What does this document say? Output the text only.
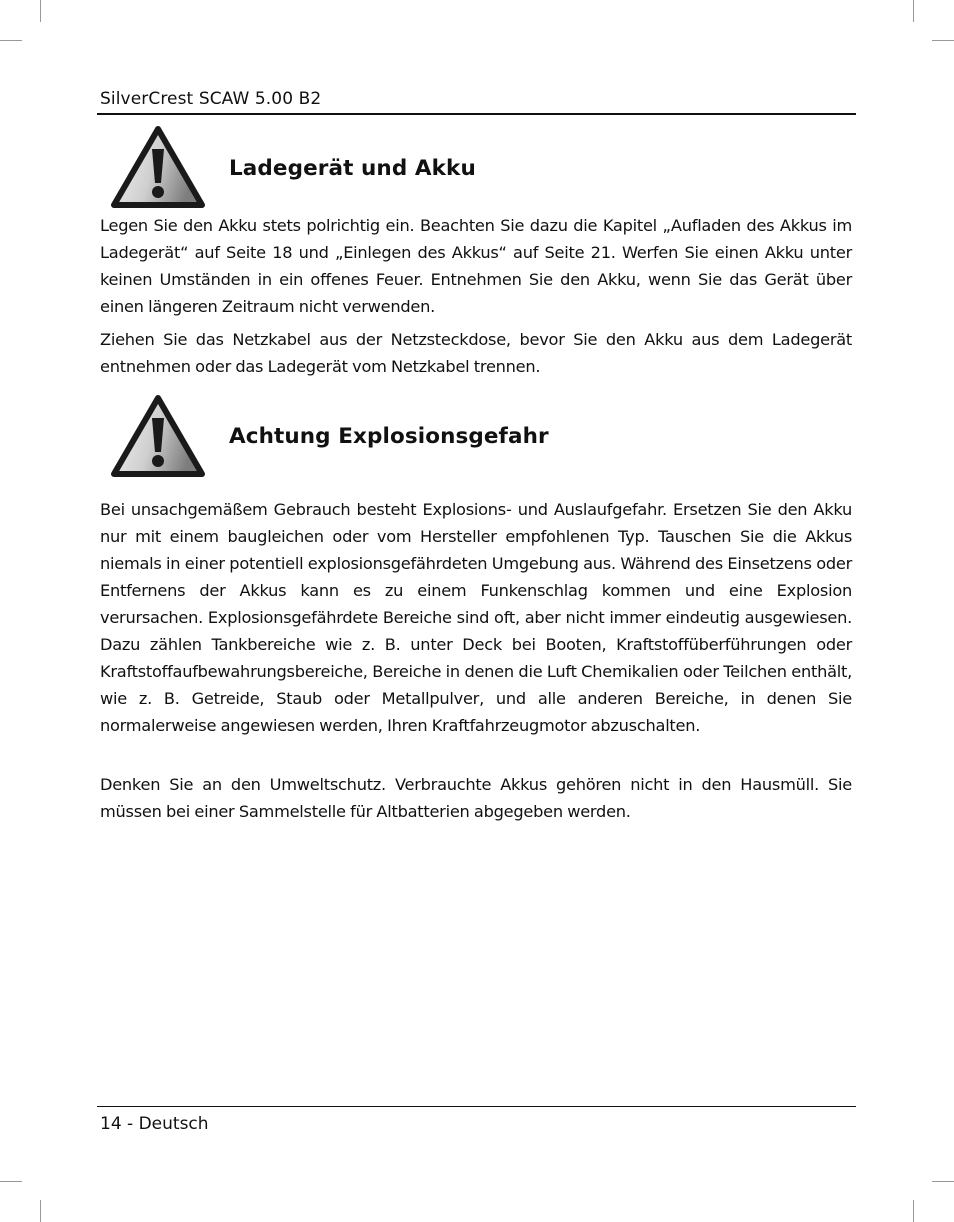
SilverCrest SCAW 5.00 B2
Ladegerät und Akku

Legen Sie den Akku stets polrichtig ein. Beachten Sie dazu die Kapitel „Aufladen des Akkus im Ladegerät“ auf Seite 18 und „Einlegen des Akkus“ auf Seite 21. Werfen Sie einen Akku unter keinen Umständen in ein offenes Feuer. Entnehmen Sie den Akku, wenn Sie das Gerät über einen längeren Zeitraum nicht verwenden.

Ziehen Sie das Netzkabel aus der Netzsteckdose, bevor Sie den Akku aus dem Ladegerät entnehmen oder das Ladegerät vom Netzkabel trennen.

Achtung Explosionsgefahr

Bei unsachgemäßem Gebrauch besteht Explosions- und Auslaufgefahr. Ersetzen Sie den Akku nur mit einem baugleichen oder vom Hersteller empfohlenen Typ. Tauschen Sie die Akkus niemals in einer potentiell explosionsgefährdeten Umgebung aus. Während des Einsetzens oder Entfernens der Akkus kann es zu einem Funkenschlag kommen und eine Explosion verursachen. Explosionsgefährdete Bereiche sind oft, aber nicht immer eindeutig ausgewiesen. Dazu zählen Tankbereiche wie z. B. unter Deck bei Booten, Kraftstoffüberführungen oder Kraftstoffaufbewahrungsbereiche, Bereiche in denen die Luft Chemikalien oder Teilchen enthält, wie z. B. Getreide, Staub oder Metallpulver, und alle anderen Bereiche, in denen Sie normalerweise angewiesen werden, Ihren Kraftfahrzeugmotor abzuschalten.

Denken Sie an den Umweltschutz. Verbrauchte Akkus gehören nicht in den Hausmüll. Sie müssen bei einer Sammelstelle für Altbatterien abgegeben werden.

14 - Deutsch
